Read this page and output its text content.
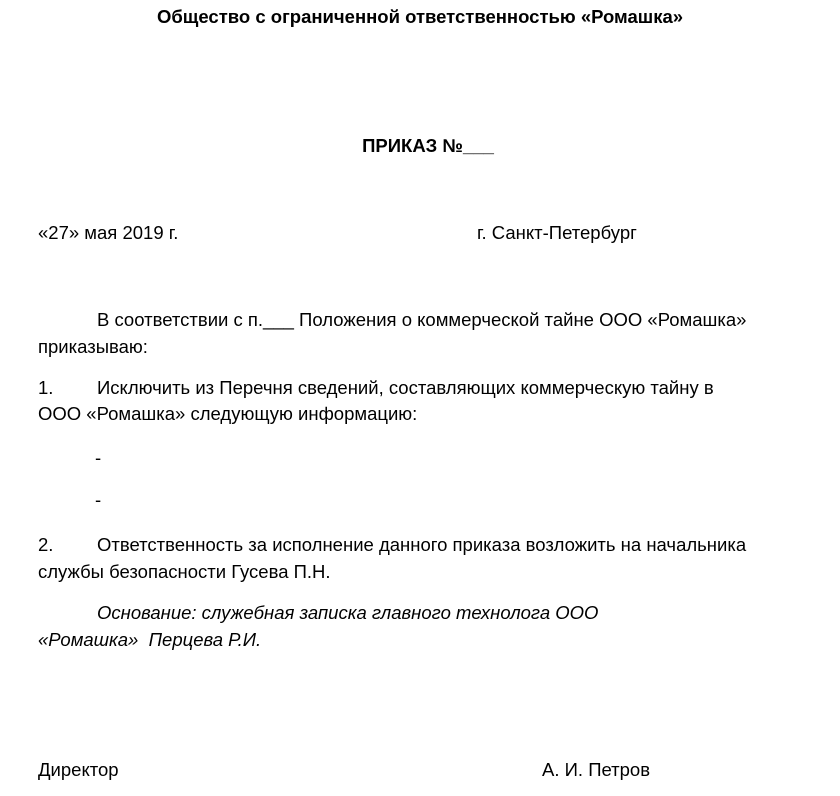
Общество с ограниченной ответственностью «Ромашка»
ПРИКАЗ №___
«27» мая 2019 г.	г. Санкт-Петербург
В соответствии с п.___ Положения о коммерческой тайне ООО «Ромашка»
приказываю:
1. Исключить из Перечня сведений, составляющих коммерческую тайну в
ООО «Ромашка» следующую информацию:
-
-
2. Ответственность за исполнение данного приказа возложить на начальника
службы безопасности Гусева П.Н.
Основание: служебная записка главного технолога ООО
«Ромашка»  Перцева Р.И.
Директор	А. И. Петров
